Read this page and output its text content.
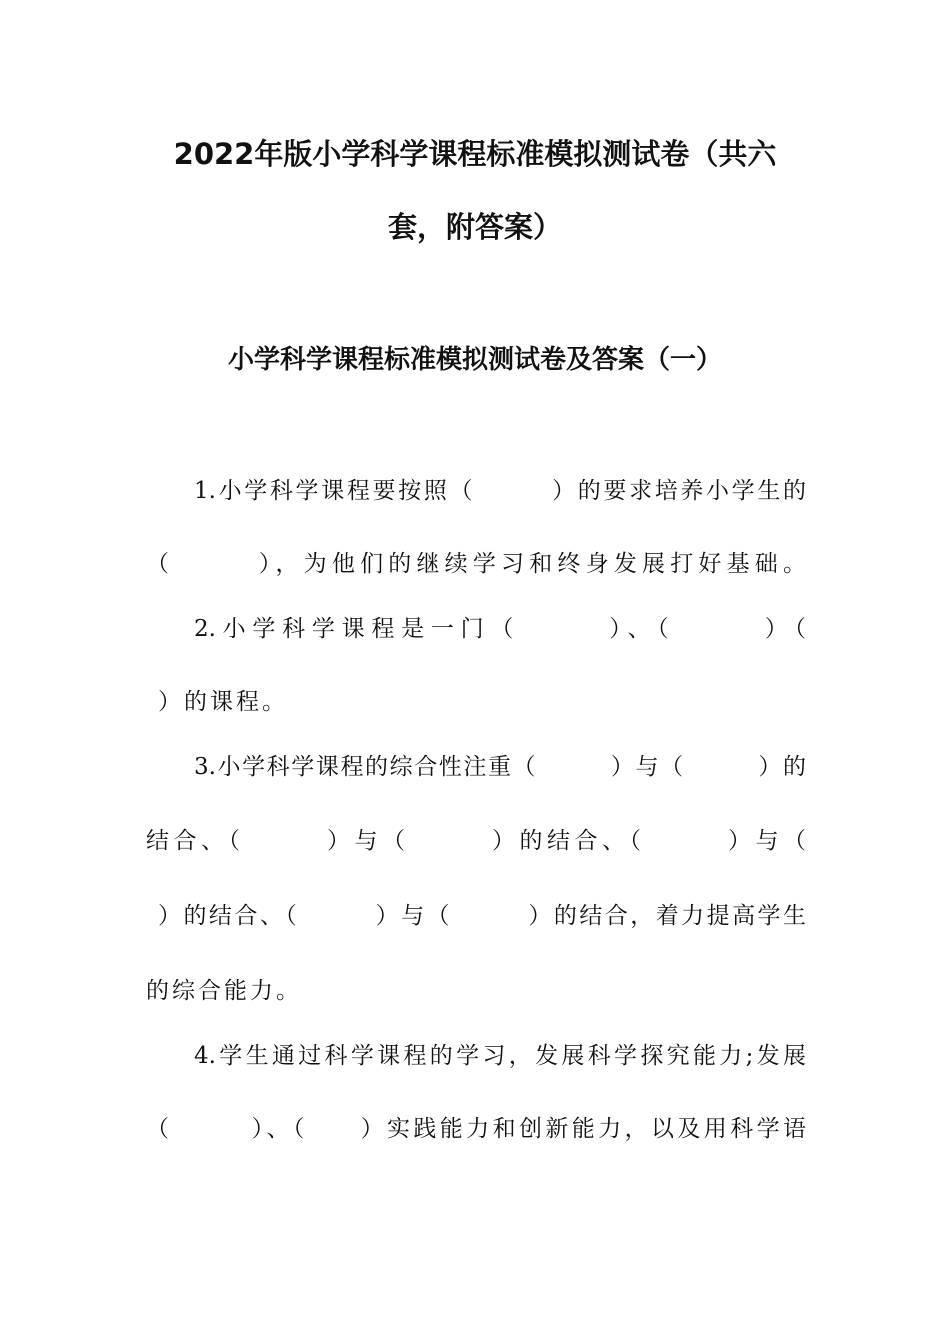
2022年版小学科学课程标准模拟测试卷（共六
套，附答案）
小学科学课程标准模拟测试卷及答案（一）
1.小学科学课程要按照（　　　）的要求培养小学生的
（　　　），为他们的继续学习和终身发展打好基础。
2.小学科学课程是一门（　　　）、（　　　）（
）的课程。
3.小学科学课程的综合性注重（　　　）与（　　　）的
结合、（　　　）与（　　　）的结合、（　　　）与（
）的结合、（　　　）与（　　　）的结合，着力提高学生
的综合能力。
4.学生通过科学课程的学习，发展科学探究能力;发展
（　　　）、（　　）实践能力和创新能力，以及用科学语
